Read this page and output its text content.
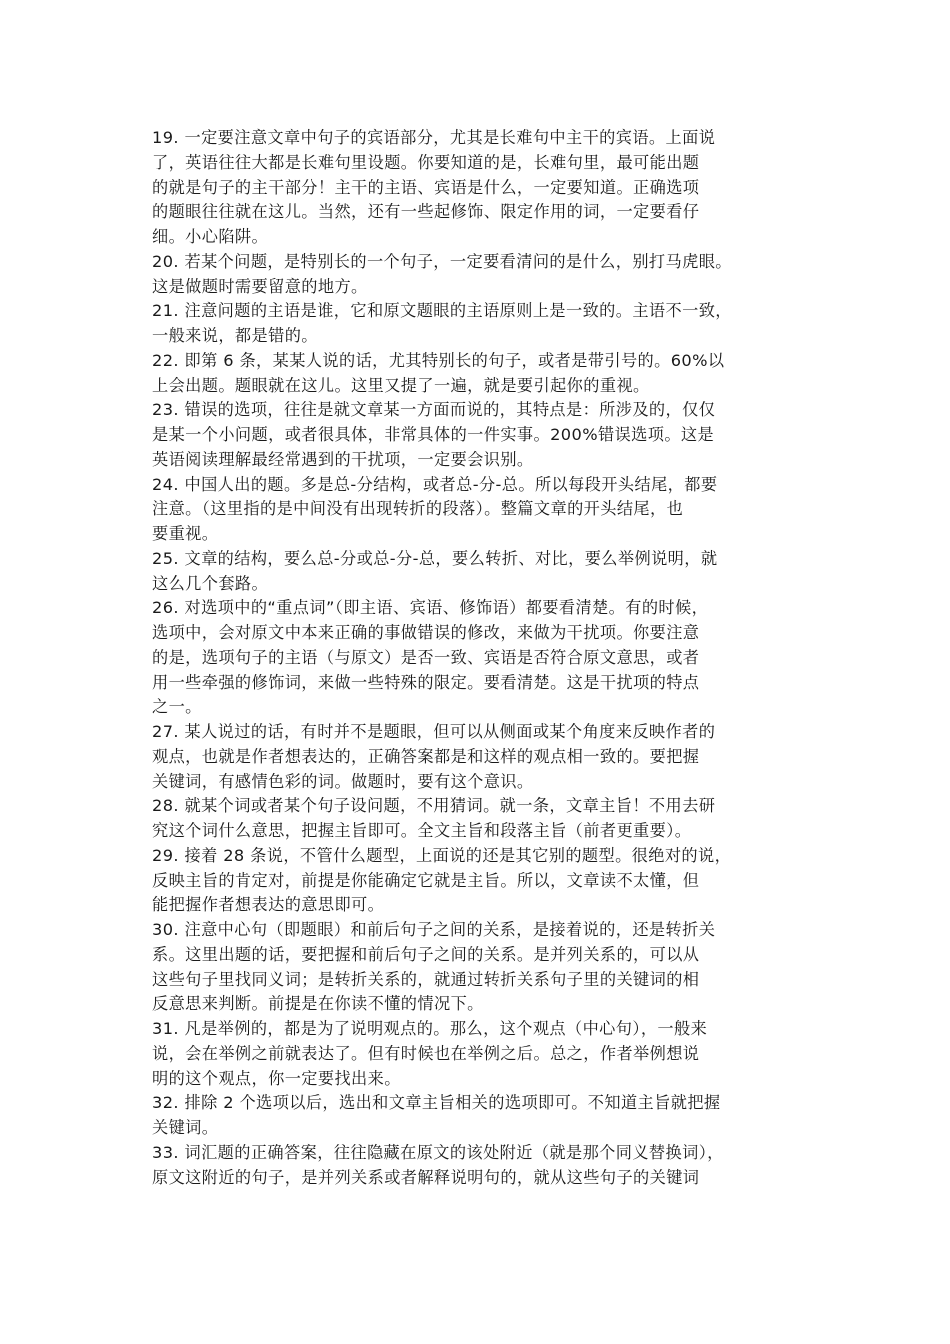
19. 一定要注意文章中句子的宾语部分，尤其是长难句中主干的宾语。上面说
了，英语往往大都是长难句里设题。你要知道的是，长难句里，最可能出题
的就是句子的主干部分！主干的主语、宾语是什么，一定要知道。正确选项
的题眼往往就在这儿。当然，还有一些起修饰、限定作用的词，一定要看仔
细。小心陷阱。
20. 若某个问题，是特别长的一个句子，一定要看清问的是什么，别打马虎眼。
这是做题时需要留意的地方。
21. 注意问题的主语是谁，它和原文题眼的主语原则上是一致的。主语不一致，
一般来说，都是错的。
22. 即第 6 条，某某人说的话，尤其特别长的句子，或者是带引号的。60%以
上会出题。题眼就在这儿。这里又提了一遍，就是要引起你的重视。
23. 错误的选项，往往是就文章某一方面而说的，其特点是：所涉及的，仅仅
是某一个小问题，或者很具体，非常具体的一件实事。200%错误选项。这是
英语阅读理解最经常遇到的干扰项，一定要会识别。
24. 中国人出的题。多是总-分结构，或者总-分-总。所以每段开头结尾，都要
注意。（这里指的是中间没有出现转折的段落）。整篇文章的开头结尾，也
要重视。
25. 文章的结构，要么总-分或总-分-总，要么转折、对比，要么举例说明，就
这么几个套路。
26. 对选项中的“重点词”（即主语、宾语、修饰语）都要看清楚。有的时候，
选项中，会对原文中本来正确的事做错误的修改，来做为干扰项。你要注意
的是，选项句子的主语（与原文）是否一致、宾语是否符合原文意思，或者
用一些牵强的修饰词，来做一些特殊的限定。要看清楚。这是干扰项的特点
之一。
27. 某人说过的话，有时并不是题眼，但可以从侧面或某个角度来反映作者的
观点，也就是作者想表达的，正确答案都是和这样的观点相一致的。要把握
关键词，有感情色彩的词。做题时，要有这个意识。
28. 就某个词或者某个句子设问题，不用猜词。就一条，文章主旨！不用去研
究这个词什么意思，把握主旨即可。全文主旨和段落主旨（前者更重要）。
29. 接着 28 条说，不管什么题型，上面说的还是其它别的题型。很绝对的说，
反映主旨的肯定对，前提是你能确定它就是主旨。所以，文章读不太懂，但
能把握作者想表达的意思即可。
30. 注意中心句（即题眼）和前后句子之间的关系，是接着说的，还是转折关
系。这里出题的话，要把握和前后句子之间的关系。是并列关系的，可以从
这些句子里找同义词；是转折关系的，就通过转折关系句子里的关键词的相
反意思来判断。前提是在你读不懂的情况下。
31. 凡是举例的，都是为了说明观点的。那么，这个观点（中心句），一般来
说，会在举例之前就表达了。但有时候也在举例之后。总之，作者举例想说
明的这个观点，你一定要找出来。
32. 排除 2 个选项以后，选出和文章主旨相关的选项即可。不知道主旨就把握
关键词。
33. 词汇题的正确答案，往往隐藏在原文的该处附近（就是那个同义替换词），
原文这附近的句子，是并列关系或者解释说明句的，就从这些句子的关键词
